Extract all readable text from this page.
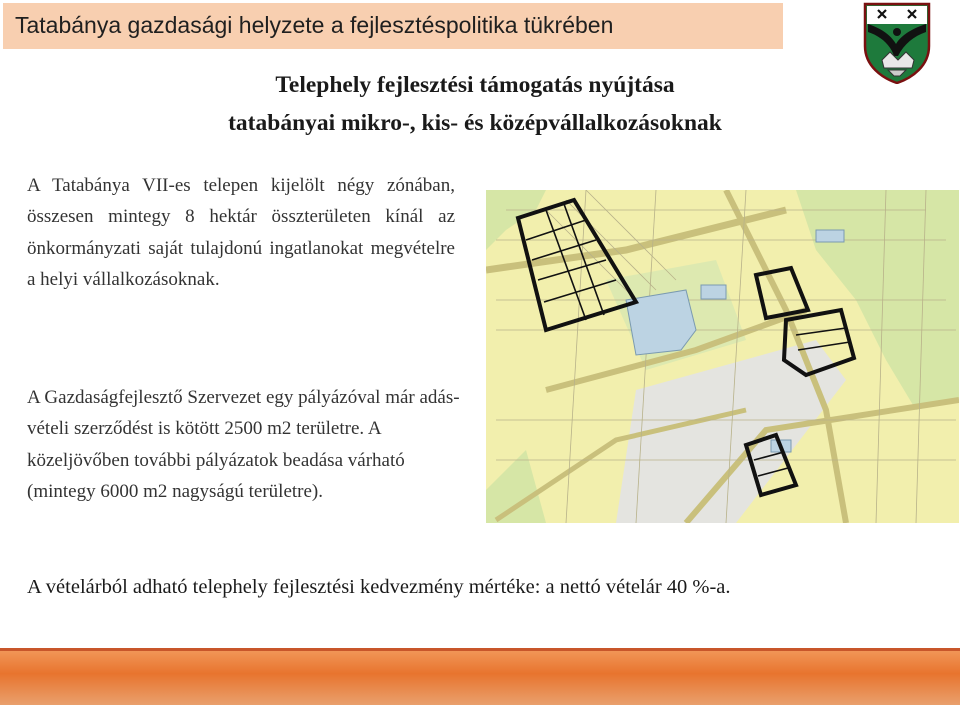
Tatabánya gazdasági helyzete a fejlesztéspolitika tükrében
Telephely fejlesztési támogatás nyújtása
tatabányai mikro-, kis- és középvállalkozásoknak
A Tatabánya VII-es telepen kijelölt négy zónában, összesen mintegy 8 hektár összterületen kínál az önkormányzati saját tulajdonú ingatlanokat megvételre a helyi vállalkozásoknak.
A Gazdaságfejlesztő Szervezet egy pályázóval már adás-vételi szerződést is kötött 2500 m2 területre. A közeljövőben további pályázatok beadása várható (mintegy 6000 m2 nagyságú területre).
A vételárból adható telephely fejlesztési kedvezmény mértéke: a nettó vételár 40 %-a.
